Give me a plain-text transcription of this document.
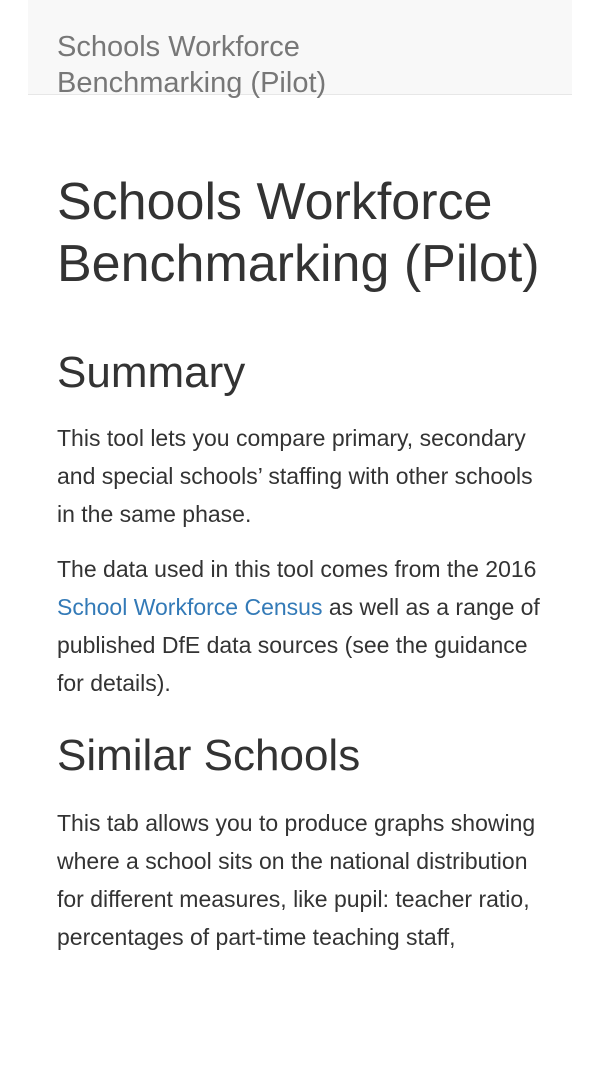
Schools Workforce Benchmarking (Pilot)
Schools Workforce Benchmarking (Pilot)
Summary

This tool lets you compare primary, secondary and special schools’ staffing with other schools in the same phase.

The data used in this tool comes from the 2016 School Workforce Census as well as a range of published DfE data sources (see the guidance for details).

Similar Schools

This tab allows you to produce graphs showing where a school sits on the national distribution for different measures, like pupil: teacher ratio, percentages of part-time teaching staff,
